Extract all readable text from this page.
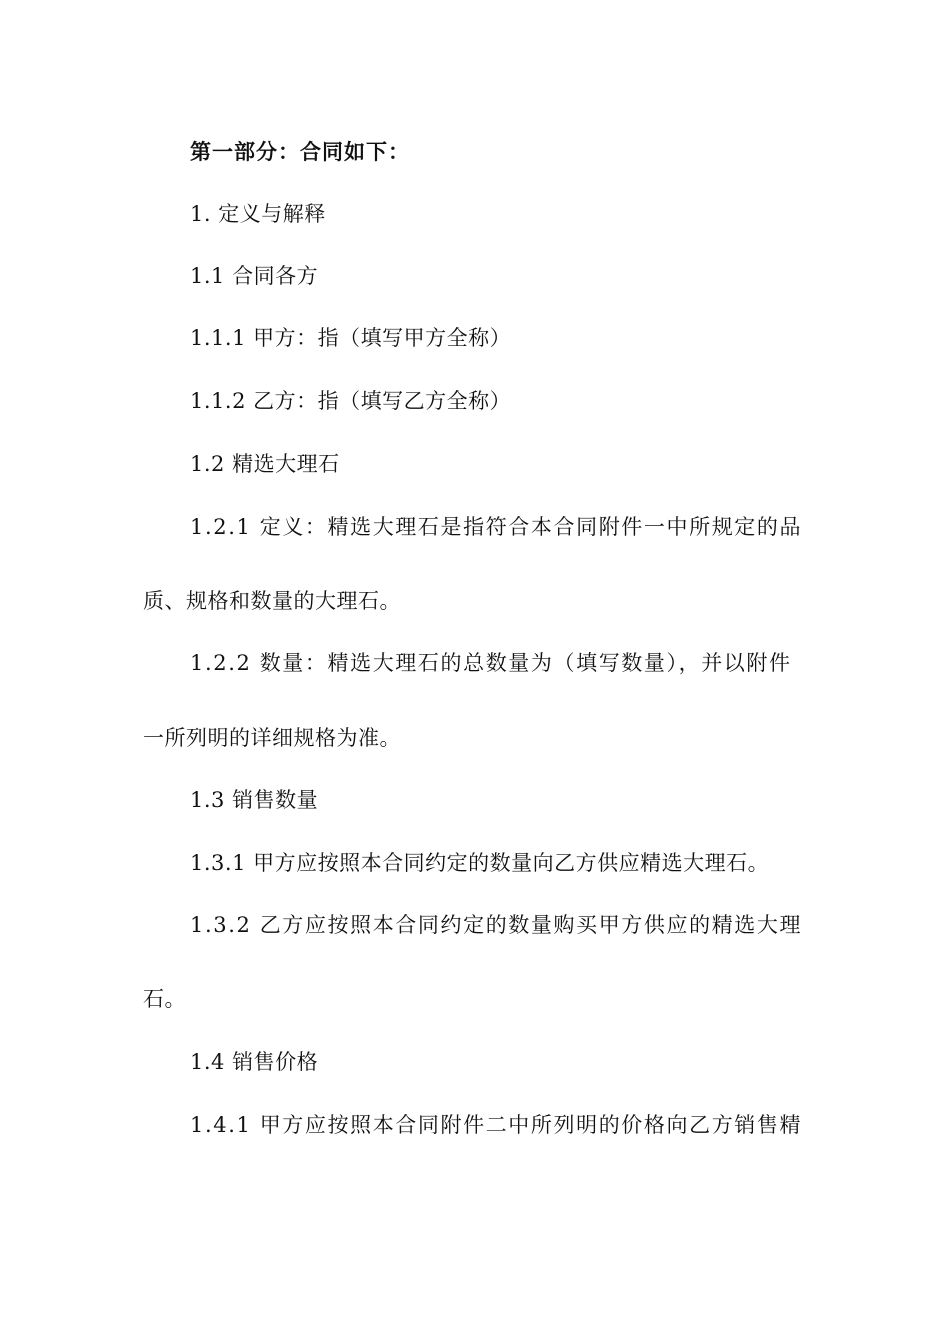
第一部分：合同如下：
1. 定义与解释
1.1 合同各方
1.1.1 甲方：指（填写甲方全称）
1.1.2 乙方：指（填写乙方全称）
1.2 精选大理石
1.2.1 定义：精选大理石是指符合本合同附件一中所规定的品
质、规格和数量的大理石。
1.2.2 数量：精选大理石的总数量为（填写数量），并以附件
一所列明的详细规格为准。
1.3 销售数量
1.3.1 甲方应按照本合同约定的数量向乙方供应精选大理石。
1.3.2 乙方应按照本合同约定的数量购买甲方供应的精选大理
石。
1.4 销售价格
1.4.1 甲方应按照本合同附件二中所列明的价格向乙方销售精
